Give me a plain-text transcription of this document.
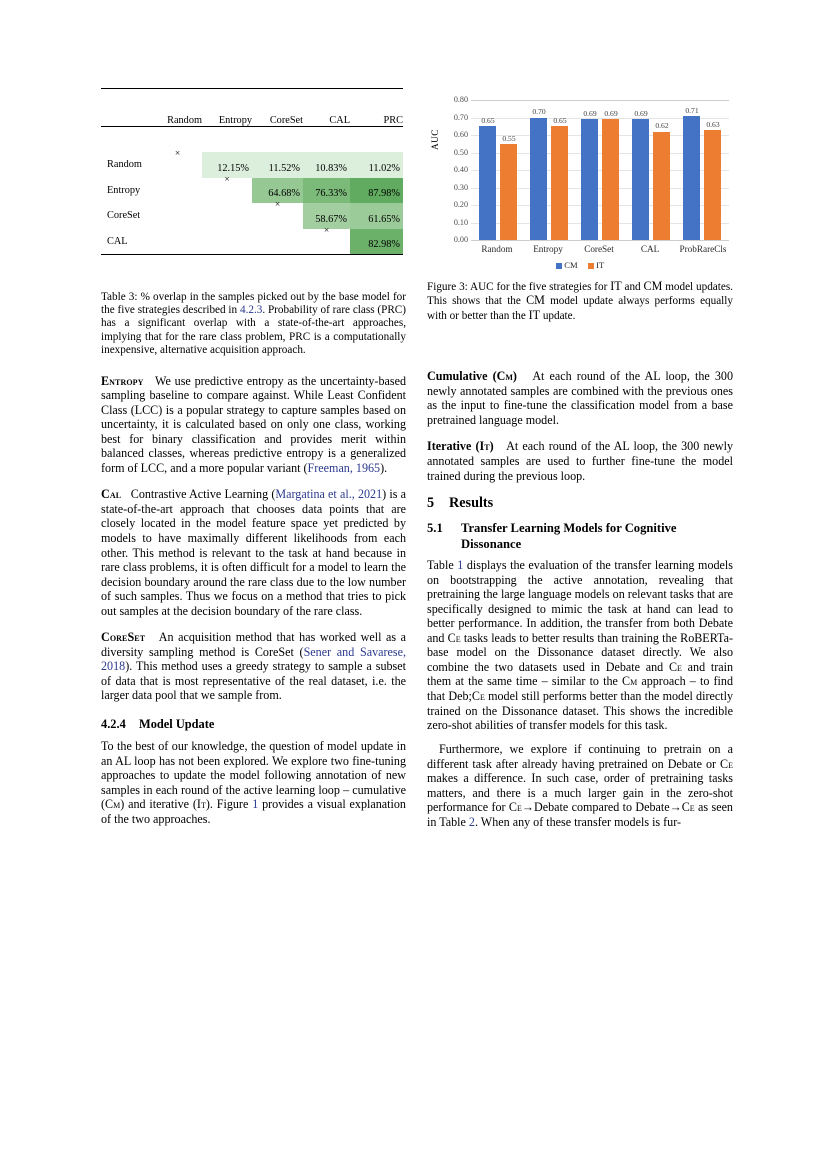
	Random	Entropy	CoreSet	CAL	PRC

Random	×	12.15%	11.52%	10.83%	11.02%

Entropy		×	64.68%	76.33%	87.98%

CoreSet			×	58.67%	61.65%

CAL				×	82.98%

Table 3: % overlap in the samples picked out by the base model for the five strategies described in 4.2.3. Probability of rare class (PRC) has a significant overlap with a state-of-the-art approaches, implying that for the rare class problem, PRC is a computationally inexpensive, alternative acquisition approach.

Entropy We use predictive entropy as the uncertainty-based sampling baseline to compare against. While Least Confident Class (LCC) is a popular strategy to capture samples based on uncertainty, it is calculated based on only one class, working best for binary classification and provides merit within balanced classes, whereas predictive entropy is a generalized form of LCC, and a more popular variant (Freeman, 1965).

Cal Contrastive Active Learning (Margatina et al., 2021) is a state-of-the-art approach that chooses data points that are closely located in the model feature space yet predicted by models to have maximally different likelihoods from each other. This method is relevant to the task at hand because in rare class problems, it is often difficult for a model to learn the decision boundary around the rare class due to the low number of such samples. Thus we focus on a method that tries to pick out samples at the decision boundary of the rare class.

CoreSet An acquisition method that has worked well as a diversity sampling method is CoreSet (Sener and Savarese, 2018). This method uses a greedy strategy to sample a subset of data that is most representative of the real dataset, i.e. the larger data pool that we sample from.

4.2.4 Model Update

To the best of our knowledge, the question of model update in an AL loop has not been explored. We explore two fine-tuning approaches to update the model following annotation of new samples in each round of the active learning loop – cumulative (Cm) and iterative (It). Figure 1 provides a visual explanation of the two approaches.

AUC
0.00
0.10
0.20
0.30
0.40
0.50
0.60
0.70
0.80
0.65
0.55
0.70
0.65
0.69	0.69	0.69
0.62
0.71
0.63
Random	Entropy	CoreSet	CAL	ProbRareCls
CM IT

Figure 3: AUC for the five strategies for IT and CM model updates. This shows that the CM model update always performs equally with or better than the IT update.

Cumulative (Cm) At each round of the AL loop, the 300 newly annotated samples are combined with the previous ones as the input to fine-tune the classification model from a base pretrained language model.

Iterative (It) At each round of the AL loop, the 300 newly annotated samples are used to further fine-tune the model trained during the previous loop.

5 Results
5.1 Transfer Learning Models for Cognitive Dissonance

Table 1 displays the evaluation of the transfer learning models on bootstrapping the active annotation, revealing that pretraining the large language models on relevant tasks that are specifically designed to mimic the task at hand can lead to better performance. In addition, the transfer from both Debate and Ce tasks leads to better results than training the RoBERTa-base model on the Dissonance dataset directly. We also combine the two datasets used in Debate and Ce and train them at the same time – similar to the Cm approach – to find that Deb;Ce model still performs better than the model directly trained on the Dissonance dataset. This shows the incredible zero-shot abilities of transfer models for this task.

Furthermore, we explore if continuing to pretrain on a different task after already having pretrained on Debate or Ce makes a difference. In such case, order of pretraining tasks matters, and there is a much larger gain in the zero-shot performance for Ce→Debate compared to Debate→Ce as seen in Table 2. When any of these transfer models is fur-
